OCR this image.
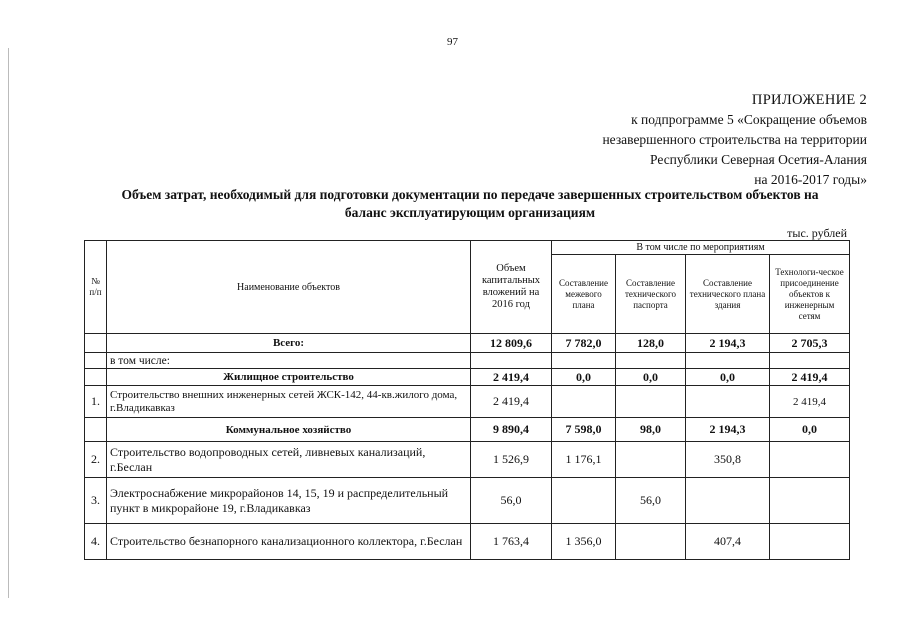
97
ПРИЛОЖЕНИЕ 2
к подпрограмме 5 «Сокращение объемов
незавершенного строительства на территории
Республики Северная Осетия-Алания
на 2016-2017 годы»
Объем затрат, необходимый для подготовки документации по передаче завершенных строительством объектов на
баланс эксплуатирующим организациям
тыс. рублей
№ п/п	Наименование объектов	Объем капитальных вложений на 2016 год	В том числе по мероприятиям			
			Составление межевого плана	Составление технического паспорта	Составление технического плана здания	Технологи-ческое присоединение объектов к инженерным сетям
	Всего:	12 809,6	7 782,0	128,0	2 194,3	2 705,3
	в том числе:					
	Жилищное строительство	2 419,4	0,0	0,0	0,0	2 419,4
1.	Строительство внешних инженерных сетей ЖСК-142, 44-кв.жилого дома, г.Владикавказ	2 419,4				2 419,4
	Коммунальное хозяйство	9 890,4	7 598,0	98,0	2 194,3	0,0
2.	Строительство водопроводных сетей, ливневых канализаций, г.Беслан	1 526,9	1 176,1		350,8	
3.	Электроснабжение микрорайонов 14, 15, 19 и распределительный пункт в микрорайоне 19, г.Владикавказ	56,0		56,0		
4.	Строительство безнапорного канализационного коллектора, г.Беслан	1 763,4	1 356,0		407,4	
